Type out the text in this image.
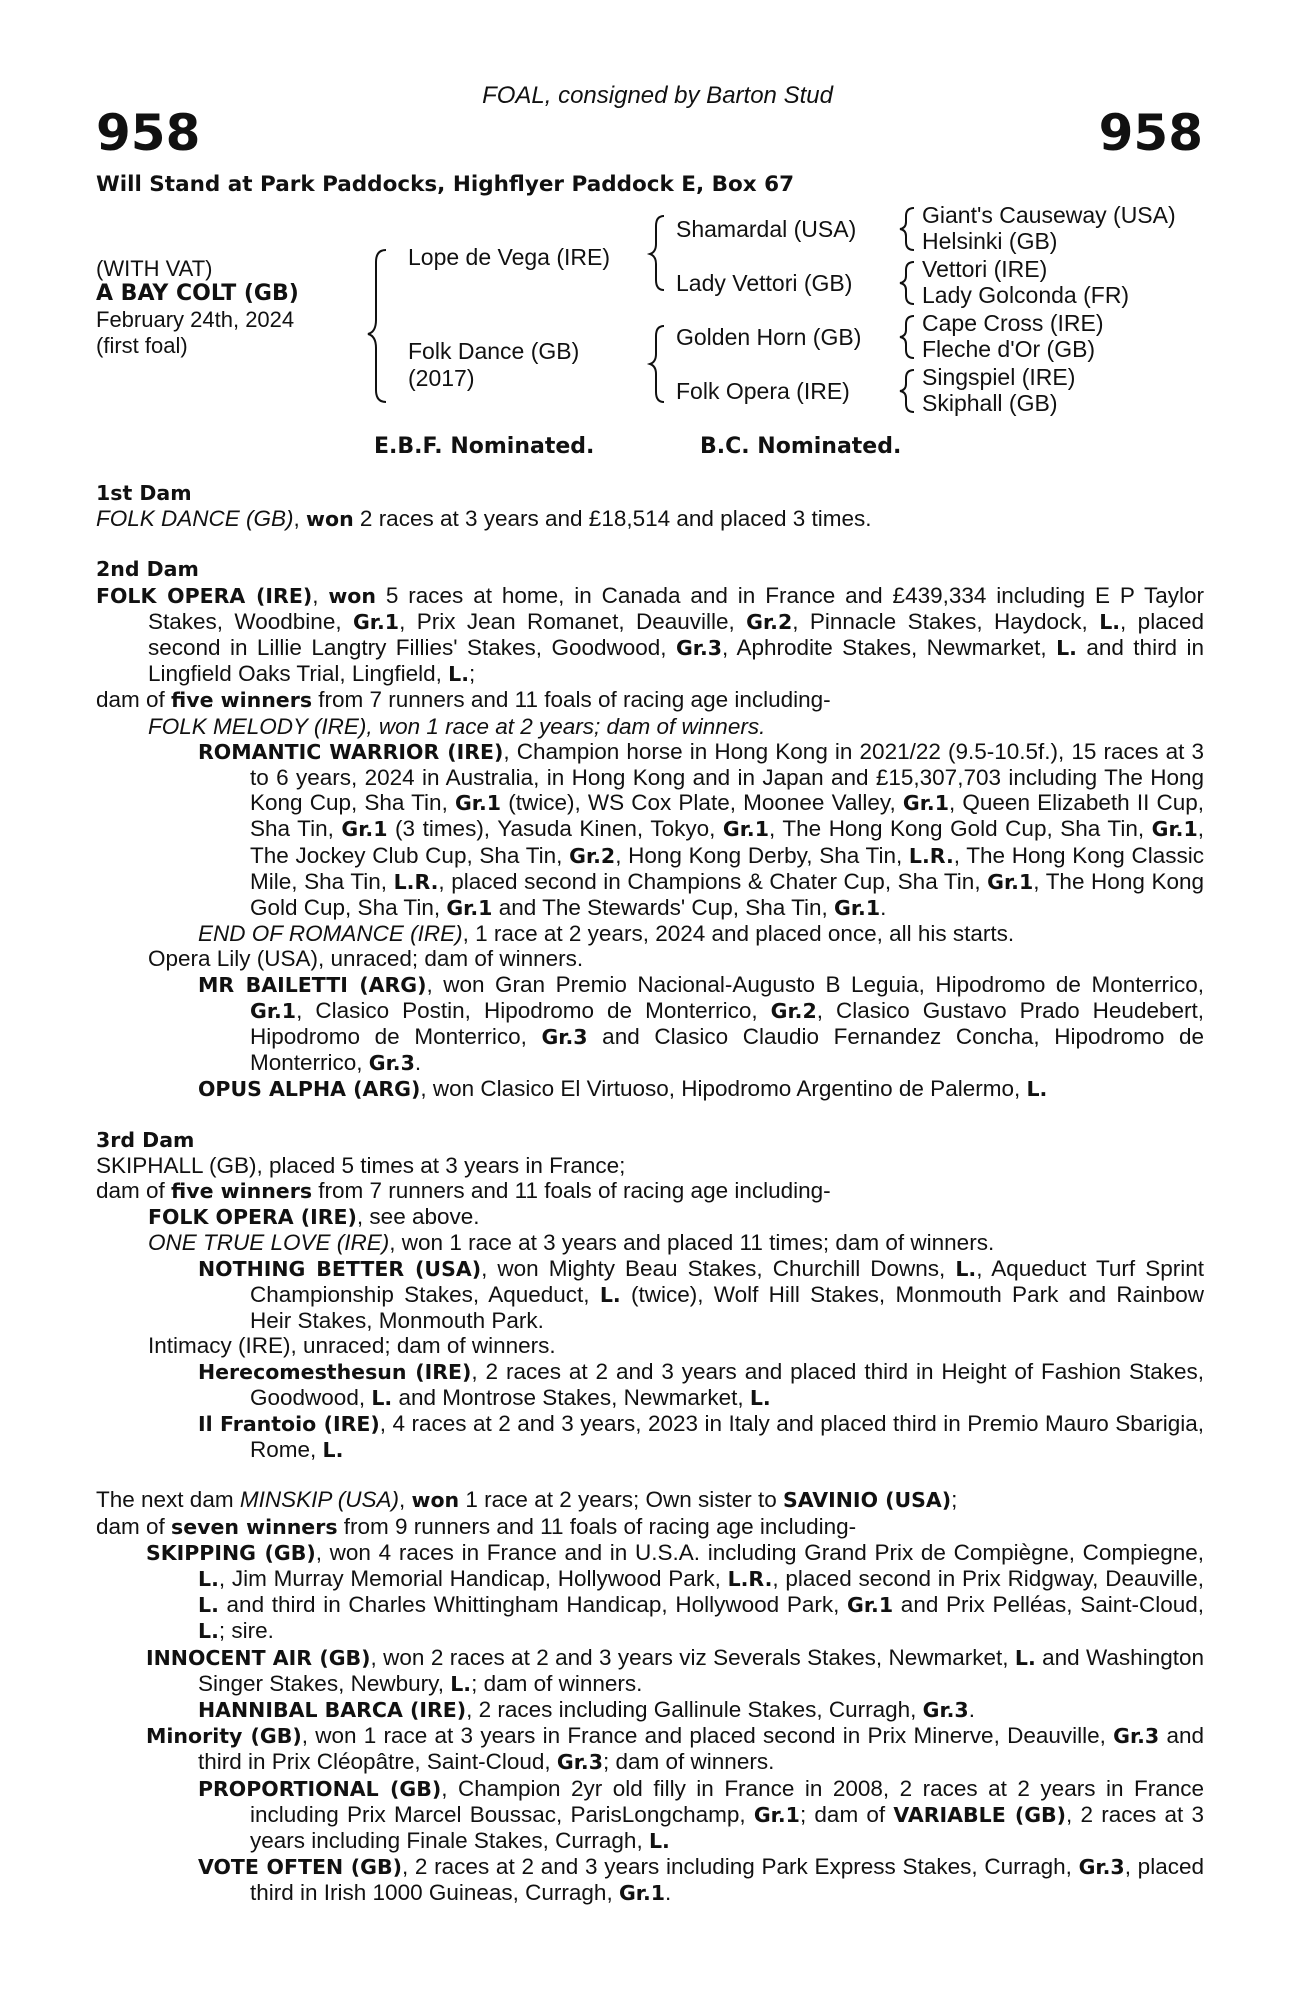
958	958
FOAL, consigned by Barton Stud
Will Stand at Park Paddocks, Highflyer Paddock E, Box 67
(WITH VAT)
A BAY COLT (GB)
February 24th, 2024
(first foal)
Lope de Vega (IRE)
Folk Dance (GB)
(2017)
Shamardal (USA)
Lady Vettori (GB)
Golden Horn (GB)
Folk Opera (IRE)
Giant's Causeway (USA)
Helsinki (GB)
Vettori (IRE)
Lady Golconda (FR)
Cape Cross (IRE)
Fleche d'Or (GB)
Singspiel (IRE)
Skiphall (GB)
E.B.F. Nominated.	B.C. Nominated.

1st Dam

FOLK DANCE (GB), won 2 races at 3 years and £18,514 and placed 3 times.

2nd Dam

FOLK OPERA (IRE), won 5 races at home, in Canada and in France and £439,334 including E P Taylor Stakes, Woodbine, Gr.1, Prix Jean Romanet, Deauville, Gr.2, Pinnacle Stakes, Haydock, L., placed second in Lillie Langtry Fillies' Stakes, Goodwood, Gr.3, Aphrodite Stakes, Newmarket, L. and third in Lingfield Oaks Trial, Lingfield, L.;

dam of five winners from 7 runners and 11 foals of racing age including-

FOLK MELODY (IRE), won 1 race at 2 years; dam of winners.

ROMANTIC WARRIOR (IRE), Champion horse in Hong Kong in 2021/22 (9.5-10.5f.), 15 races at 3 to 6 years, 2024 in Australia, in Hong Kong and in Japan and £15,307,703 including The Hong Kong Cup, Sha Tin, Gr.1 (twice), WS Cox Plate, Moonee Valley, Gr.1, Queen Elizabeth II Cup, Sha Tin, Gr.1 (3 times), Yasuda Kinen, Tokyo, Gr.1, The Hong Kong Gold Cup, Sha Tin, Gr.1, The Jockey Club Cup, Sha Tin, Gr.2, Hong Kong Derby, Sha Tin, L.R., The Hong Kong Classic Mile, Sha Tin, L.R., placed second in Champions & Chater Cup, Sha Tin, Gr.1, The Hong Kong Gold Cup, Sha Tin, Gr.1 and The Stewards' Cup, Sha Tin, Gr.1.

END OF ROMANCE (IRE), 1 race at 2 years, 2024 and placed once, all his starts.

Opera Lily (USA), unraced; dam of winners.

MR BAILETTI (ARG), won Gran Premio Nacional-Augusto B Leguia, Hipodromo de Monterrico, Gr.1, Clasico Postin, Hipodromo de Monterrico, Gr.2, Clasico Gustavo Prado Heudebert, Hipodromo de Monterrico, Gr.3 and Clasico Claudio Fernandez Concha, Hipodromo de Monterrico, Gr.3.

OPUS ALPHA (ARG), won Clasico El Virtuoso, Hipodromo Argentino de Palermo, L.

3rd Dam

SKIPHALL (GB), placed 5 times at 3 years in France;

dam of five winners from 7 runners and 11 foals of racing age including-

FOLK OPERA (IRE), see above.

ONE TRUE LOVE (IRE), won 1 race at 3 years and placed 11 times; dam of winners.

NOTHING BETTER (USA), won Mighty Beau Stakes, Churchill Downs, L., Aqueduct Turf Sprint Championship Stakes, Aqueduct, L. (twice), Wolf Hill Stakes, Monmouth Park and Rainbow Heir Stakes, Monmouth Park.

Intimacy (IRE), unraced; dam of winners.

Herecomesthesun (IRE), 2 races at 2 and 3 years and placed third in Height of Fashion Stakes, Goodwood, L. and Montrose Stakes, Newmarket, L.

Il Frantoio (IRE), 4 races at 2 and 3 years, 2023 in Italy and placed third in Premio Mauro Sbarigia, Rome, L.

The next dam MINSKIP (USA), won 1 race at 2 years; Own sister to SAVINIO (USA);

dam of seven winners from 9 runners and 11 foals of racing age including-

SKIPPING (GB), won 4 races in France and in U.S.A. including Grand Prix de Compiègne, Compiegne, L., Jim Murray Memorial Handicap, Hollywood Park, L.R., placed second in Prix Ridgway, Deauville, L. and third in Charles Whittingham Handicap, Hollywood Park, Gr.1 and Prix Pelléas, Saint-Cloud, L.; sire.

INNOCENT AIR (GB), won 2 races at 2 and 3 years viz Severals Stakes, Newmarket, L. and Washington Singer Stakes, Newbury, L.; dam of winners.

HANNIBAL BARCA (IRE), 2 races including Gallinule Stakes, Curragh, Gr.3.

Minority (GB), won 1 race at 3 years in France and placed second in Prix Minerve, Deauville, Gr.3 and third in Prix Cléopâtre, Saint-Cloud, Gr.3; dam of winners.

PROPORTIONAL (GB), Champion 2yr old filly in France in 2008, 2 races at 2 years in France including Prix Marcel Boussac, ParisLongchamp, Gr.1; dam of VARIABLE (GB), 2 races at 3 years including Finale Stakes, Curragh, L.

VOTE OFTEN (GB), 2 races at 2 and 3 years including Park Express Stakes, Curragh, Gr.3, placed third in Irish 1000 Guineas, Curragh, Gr.1.
